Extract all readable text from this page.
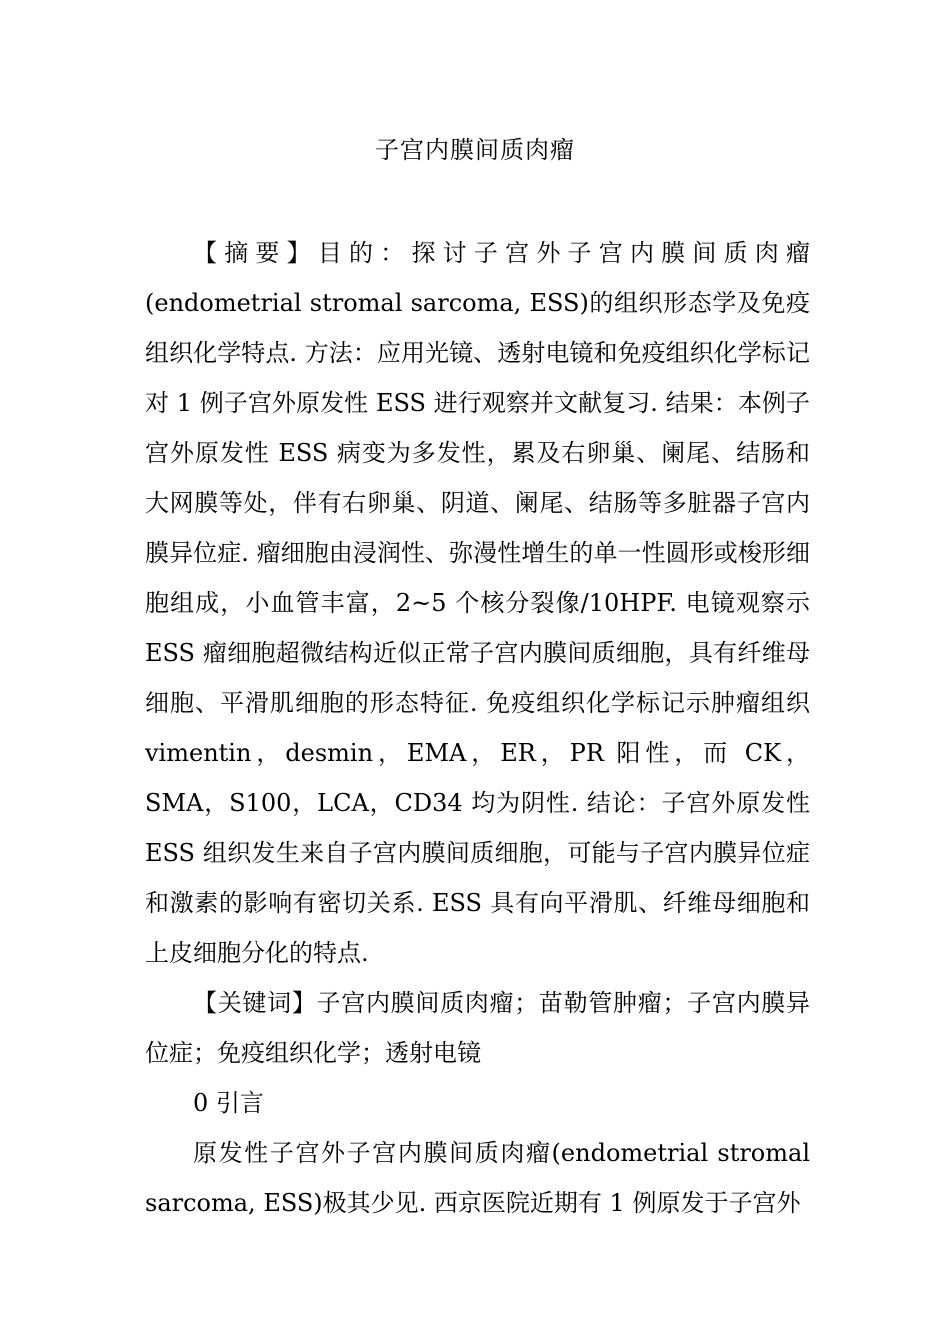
子宫内膜间质肉瘤

【摘要】目的：探讨子宫外子宫内膜间质肉瘤(endometrial stromal sarcoma, ESS)的组织形态学及免疫组织化学特点. 方法：应用光镜、透射电镜和免疫组织化学标记对 1 例子宫外原发性 ESS 进行观察并文献复习. 结果：本例子宫外原发性 ESS 病变为多发性，累及右卵巢、阑尾、结肠和大网膜等处，伴有右卵巢、阴道、阑尾、结肠等多脏器子宫内膜异位症. 瘤细胞由浸润性、弥漫性增生的单一性圆形或梭形细胞组成，小血管丰富，2~5 个核分裂像/10HPF. 电镜观察示 ESS 瘤细胞超微结构近似正常子宫内膜间质细胞，具有纤维母细胞、平滑肌细胞的形态特征. 免疫组织化学标记示肿瘤组织 vimentin，desmin，EMA，ER，PR 阳性，而 CK，SMA，S100，LCA，CD34 均为阴性. 结论：子宫外原发性 ESS 组织发生来自子宫内膜间质细胞，可能与子宫内膜异位症和激素的影响有密切关系. ESS 具有向平滑肌、纤维母细胞和上皮细胞分化的特点.

【关键词】子宫内膜间质肉瘤；苗勒管肿瘤；子宫内膜异位症；免疫组织化学；透射电镜

0 引言

原发性子宫外子宫内膜间质肉瘤(endometrial stromal sarcoma, ESS)极其少见. 西京医院近期有 1 例原发于子宫外
